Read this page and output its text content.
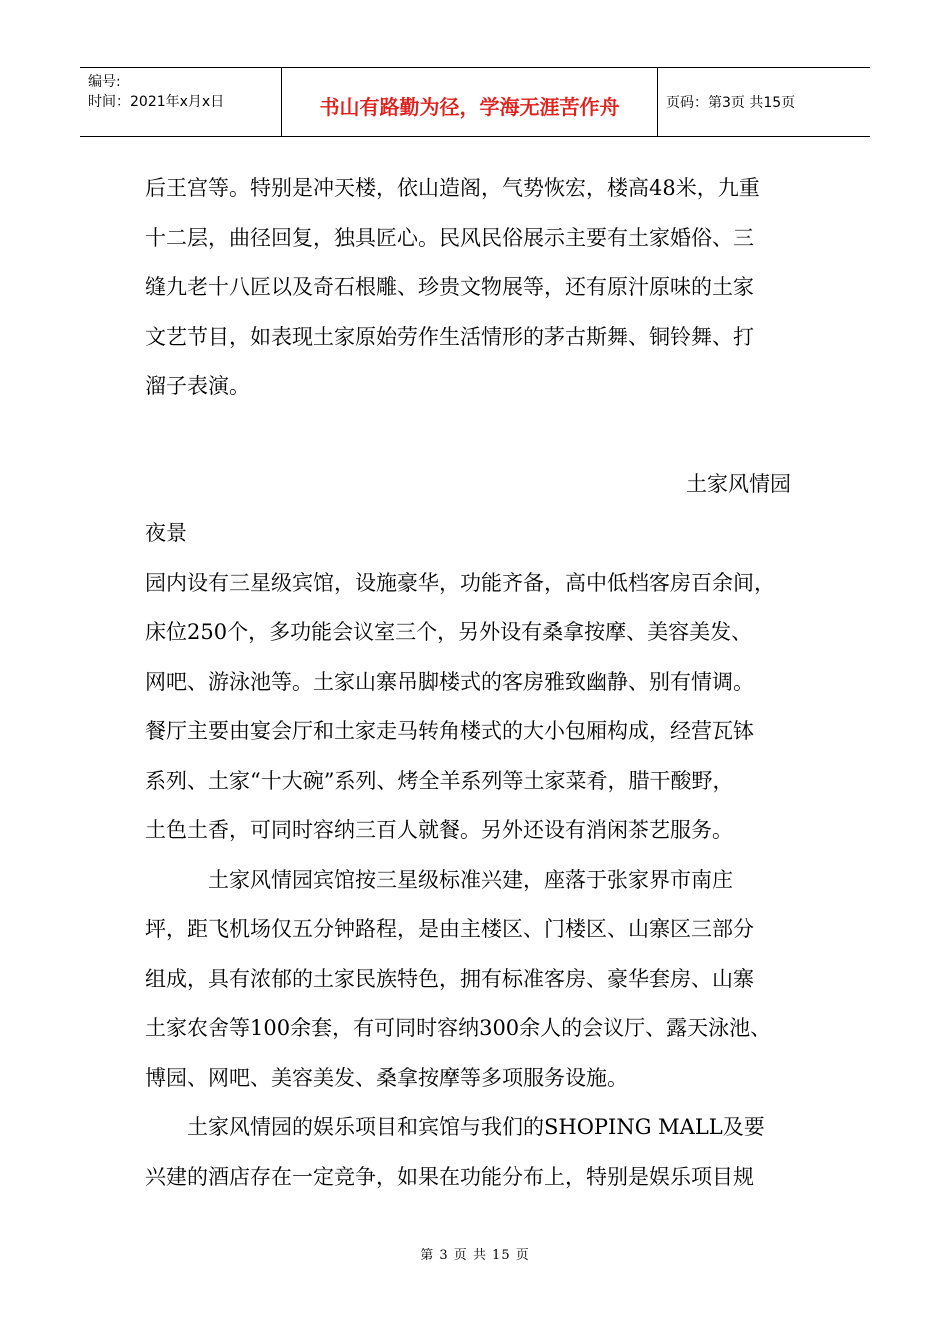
编号:
时间：2021年x月x日	书山有路勤为径，学海无涯苦作舟	页码：第3页 共15页
后王宫等。特别是冲天楼，依山造阁，气势恢宏，楼高48米，九重
十二层，曲径回复，独具匠心。民风民俗展示主要有土家婚俗、三
缝九老十八匠以及奇石根雕、珍贵文物展等，还有原汁原味的土家
文艺节目，如表现土家原始劳作生活情形的茅古斯舞、铜铃舞、打
溜子表演。
土家风情园
夜景
园内设有三星级宾馆，设施豪华，功能齐备，高中低档客房百余间，
床位250个，多功能会议室三个，另外设有桑拿按摩、美容美发、
网吧、游泳池等。土家山寨吊脚楼式的客房雅致幽静、别有情调。
餐厅主要由宴会厅和土家走马转角楼式的大小包厢构成，经营瓦钵
系列、土家“十大碗”系列、烤全羊系列等土家菜肴，腊干酸野，
土色土香，可同时容纳三百人就餐。另外还设有消闲茶艺服务。
　　　土家风情园宾馆按三星级标准兴建，座落于张家界市南庄
坪，距飞机场仅五分钟路程，是由主楼区、门楼区、山寨区三部分
组成，具有浓郁的土家民族特色，拥有标准客房、豪华套房、山寨
土家农舍等100余套，有可同时容纳300余人的会议厅、露天泳池、
博园、网吧、美容美发、桑拿按摩等多项服务设施。
　　土家风情园的娱乐项目和宾馆与我们的SHOPING MALL及要
兴建的酒店存在一定竞争，如果在功能分布上，特别是娱乐项目规
第 3 页 共 15 页
